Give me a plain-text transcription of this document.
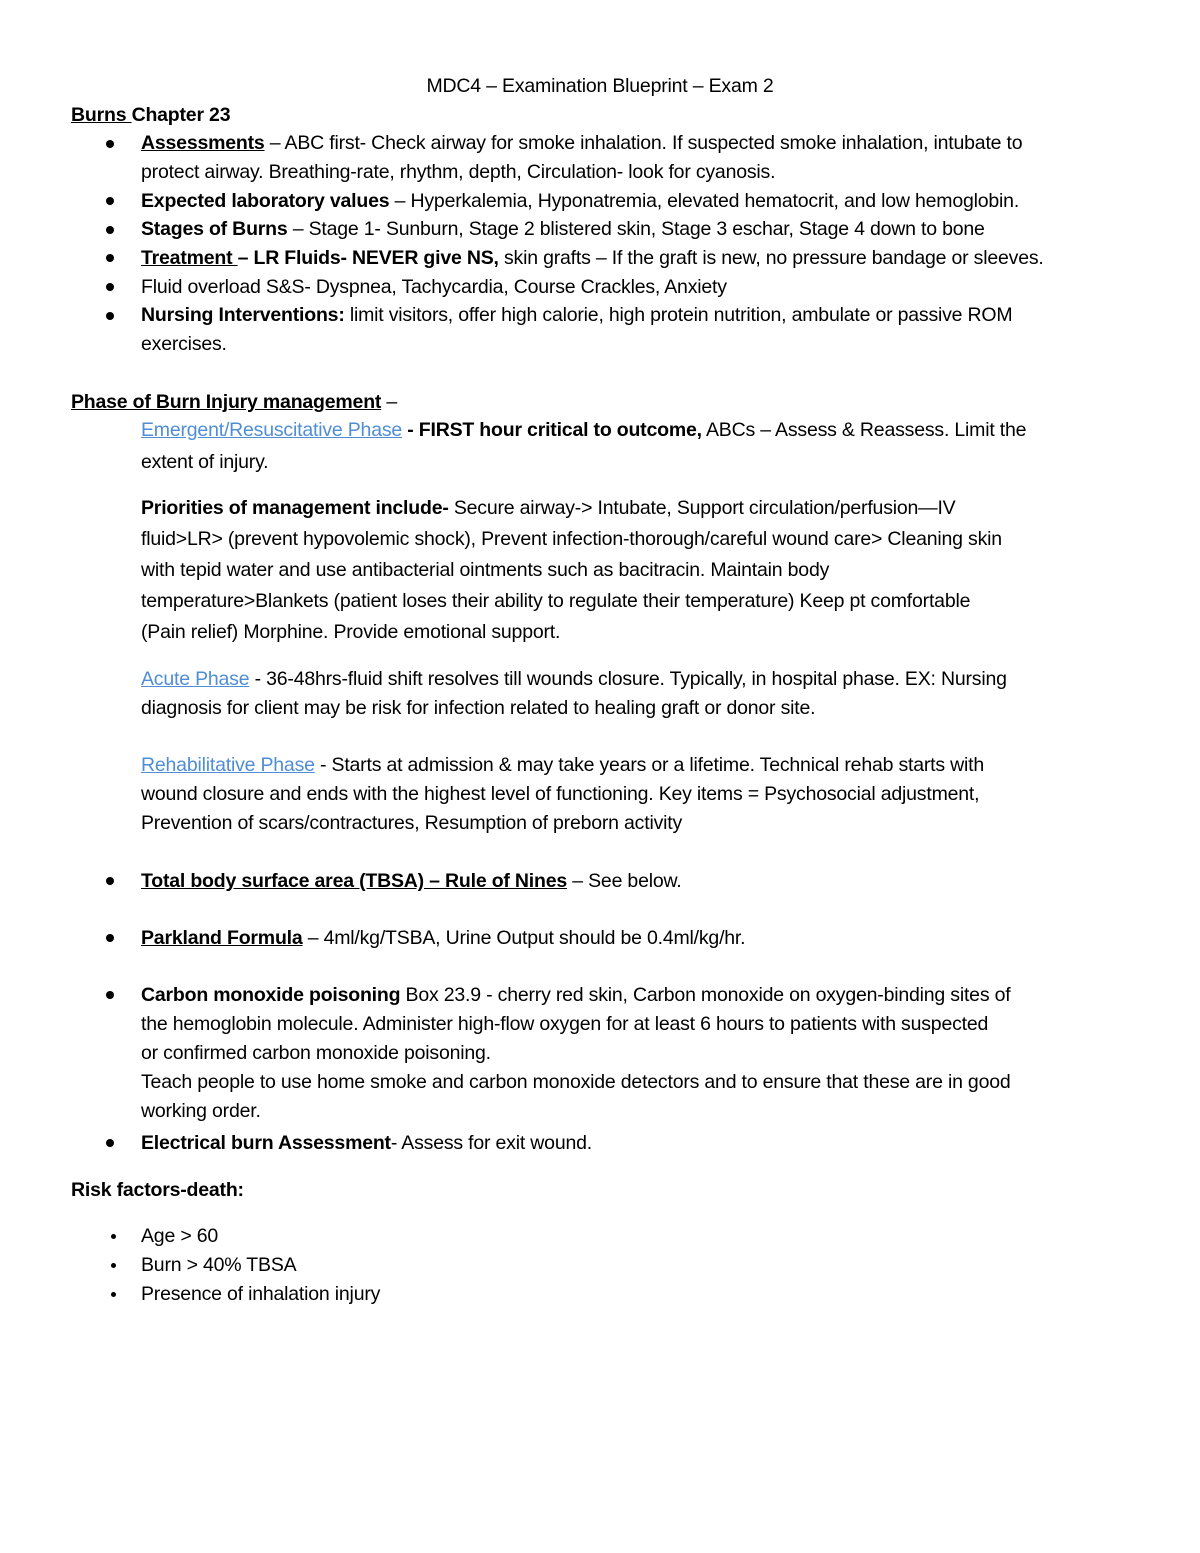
MDC4 – Examination Blueprint – Exam 2
Burns Chapter 23
Assessments – ABC first- Check airway for smoke inhalation. If suspected smoke inhalation, intubate to
protect airway. Breathing-rate, rhythm, depth, Circulation- look for cyanosis.
Expected laboratory values – Hyperkalemia, Hyponatremia, elevated hematocrit, and low hemoglobin.
Stages of Burns – Stage 1- Sunburn, Stage 2 blistered skin, Stage 3 eschar, Stage 4 down to bone
Treatment – LR Fluids- NEVER give NS, skin grafts – If the graft is new, no pressure bandage or sleeves.
Fluid overload S&S- Dyspnea, Tachycardia, Course Crackles, Anxiety
Nursing Interventions: limit visitors, offer high calorie, high protein nutrition, ambulate or passive ROM
exercises.
Phase of Burn Injury management –
Emergent/Resuscitative Phase - FIRST hour critical to outcome, ABCs – Assess & Reassess. Limit the
extent of injury.
Priorities of management include- Secure airway-> Intubate, Support circulation/perfusion—IV
fluid>LR> (prevent hypovolemic shock), Prevent infection-thorough/careful wound care> Cleaning skin
with tepid water and use antibacterial ointments such as bacitracin. Maintain body
temperature>Blankets (patient loses their ability to regulate their temperature) Keep pt comfortable
(Pain relief) Morphine. Provide emotional support.
Acute Phase - 36-48hrs-fluid shift resolves till wounds closure. Typically, in hospital phase. EX: Nursing
diagnosis for client may be risk for infection related to healing graft or donor site.
Rehabilitative Phase - Starts at admission & may take years or a lifetime. Technical rehab starts with
wound closure and ends with the highest level of functioning. Key items = Psychosocial adjustment,
Prevention of scars/contractures, Resumption of preborn activity
Total body surface area (TBSA) – Rule of Nines – See below.
Parkland Formula – 4ml/kg/TSBA, Urine Output should be 0.4ml/kg/hr.
Carbon monoxide poisoning Box 23.9 - cherry red skin, Carbon monoxide on oxygen-binding sites of
the hemoglobin molecule. Administer high-flow oxygen for at least 6 hours to patients with suspected
or confirmed carbon monoxide poisoning.
Teach people to use home smoke and carbon monoxide detectors and to ensure that these are in good
working order.
Electrical burn Assessment- Assess for exit wound.
Risk factors-death:
Age > 60
Burn > 40% TBSA
Presence of inhalation injury
